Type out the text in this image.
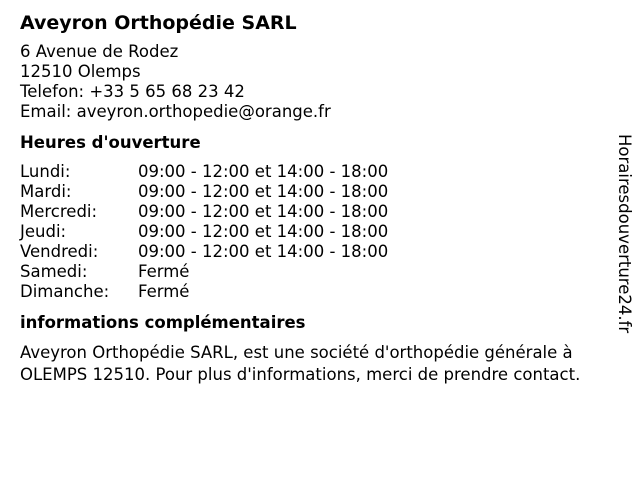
Aveyron Orthopédie SARL
6 Avenue de Rodez
12510 Olemps
Telefon: +33 5 65 68 23 42
Email: aveyron.orthopedie@orange.fr
Heures d'ouverture
Lundi:	09:00 - 12:00 et 14:00 - 18:00
Mardi:	09:00 - 12:00 et 14:00 - 18:00
Mercredi:	09:00 - 12:00 et 14:00 - 18:00
Jeudi:	09:00 - 12:00 et 14:00 - 18:00
Vendredi:	09:00 - 12:00 et 14:00 - 18:00
Samedi:	Fermé
Dimanche:	Fermé
informations complémentaires
Aveyron Orthopédie SARL, est une société d'orthopédie générale à OLEMPS 12510. Pour plus d'informations, merci de prendre contact.
Horairesdouverture24.fr
